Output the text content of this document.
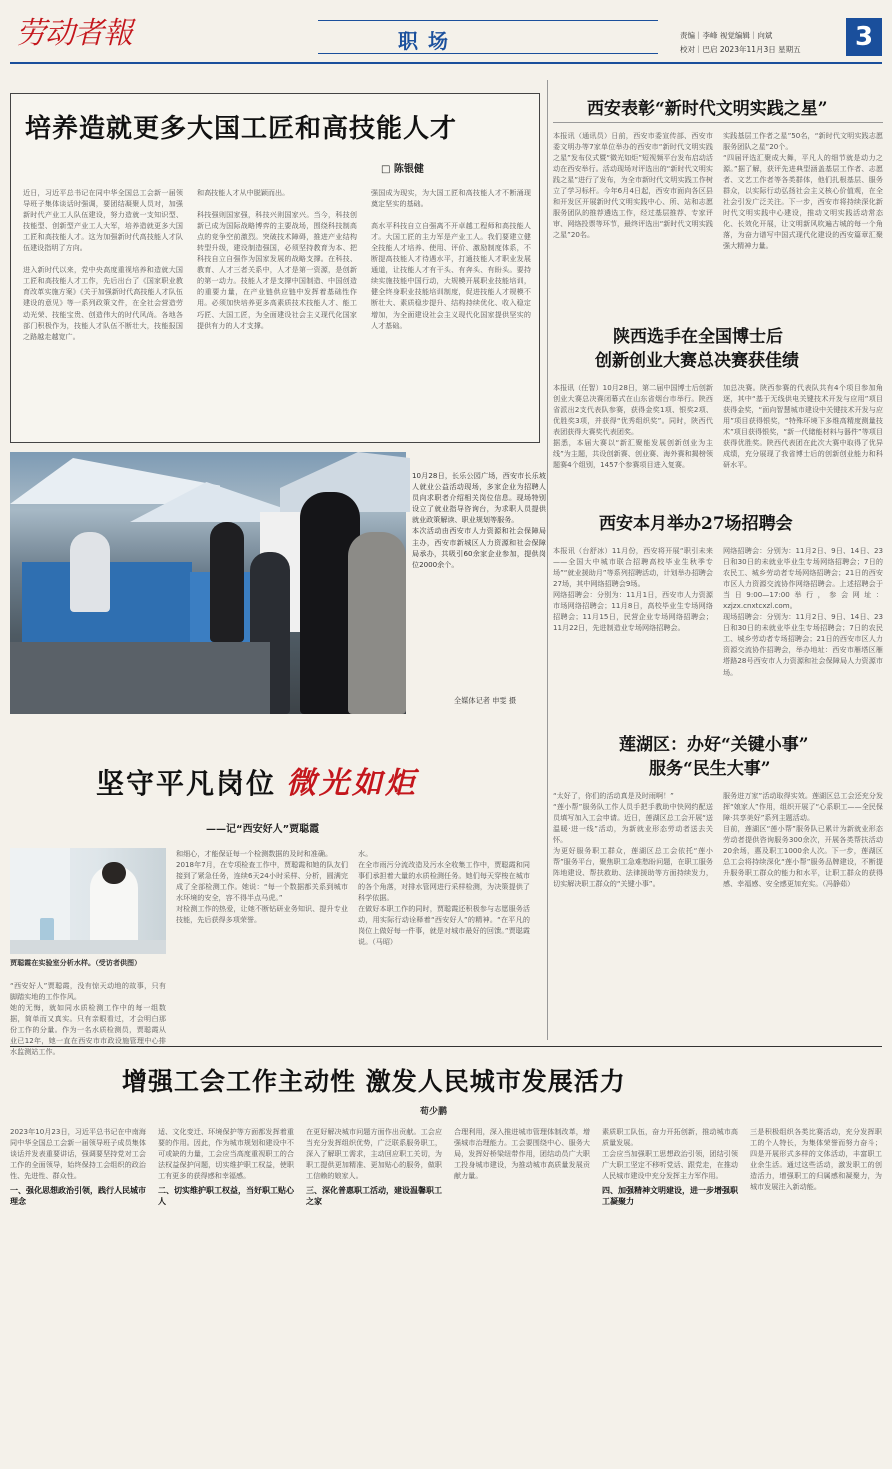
劳动者報	职场	责编｜李峰 视觉编辑｜向斌
校对｜巴启 2023年11月3日 星期五	3
培养造就更多大国工匠和高技能人才
□ 陈银健
近日，习近平总书记在同中华全国总工会新一届领导班子集体谈话时强调，要团结凝聚人员对，加强新时代产业工人队伍建设，努力造就一支知识型、技能型、创新型产业工人大军，培养造就更多大国工匠和高技能人才。这为加强新时代高技能人才队伍建设指明了方向。

进入新时代以来，党中央高度重视培养和造就大国工匠和高技能人才工作，先后出台了《国家职业教育改革实施方案》《关于加强新时代高技能人才队伍建设的意见》等一系列政策文件，在全社会营造劳动光荣、技能宝贵、创造伟大的时代风尚。各地各部门积极作为，技能人才队伍不断壮大，技能报国之路越走越宽广。
和高技能人才从中脱颖而出。

科技强则国家强，科技兴则国家兴。当今，科技创新已成为国际战略博弈的主要战场，围绕科技制高点的竞争空前激烈。突破技术障碍，推进产业结构转型升级，建设制造强国，必须坚持教育为本、把科技自立自强作为国家发展的战略支撑。在科技、教育、人才三者关系中，人才是第一资源，是创新的第一动力。技能人才是支撑中国制造、中国创造的重要力量，在产业链供应链中发挥着基础性作用。必须加快培养更多高素质技术技能人才、能工巧匠、大国工匠，为全面建设社会主义现代化国家提供有力的人才支撑。
强国成为现实，为大国工匠和高技能人才不断涌现奠定坚实的基础。

高水平科技自立自强离不开卓越工程师和高技能人才。大国工匠的主力军是产业工人。我们要建立健全技能人才培养、使用、评价、激励制度体系，不断提高技能人才待遇水平，打通技能人才职业发展通道，让技能人才有干头、有奔头、有盼头。要持续实施技能中国行动，大规模开展职业技能培训，健全终身职业技能培训制度，促进技能人才规模不断壮大、素质稳步提升、结构持续优化、收入稳定增加，为全面建设社会主义现代化国家提供坚实的人才基础。
西安表彰“新时代文明实践之星”
本报讯（通讯员）日前，西安市委宣传部、西安市委文明办等7家单位举办的西安市“新时代文明实践之星”发布仪式暨“微光如炬”短视频平台发布启动活动在西安举行。活动现场对评选出的“新时代文明实践之星”进行了发布，为全市新时代文明实践工作树立了学习标杆。今年6月4日起，西安市面向各区县和开发区开展新时代文明实践中心、所、站和志愿服务团队的推荐遴选工作，经过基层推荐、专家评审、网络投票等环节，最终评选出“新时代文明实践之星”20名。
实践基层工作者之星”50名，“新时代文明实践志愿服务团队之星”20个。
“四届评选汇聚成大舞，平凡人的细节就是动力之源。”据了解，获评先进典型涵盖基层工作者、志愿者、文艺工作者等各类群体，他们扎根基层、服务群众，以实际行动弘扬社会主义核心价值观，在全社会引发广泛关注。下一步，西安市将持续深化新时代文明实践中心建设，推动文明实践活动常态化、长效化开展，让文明新风吹遍古城的每一个角落，为奋力谱写中国式现代化建设的西安篇章汇聚强大精神力量。
陕西选手在全国博士后
创新创业大赛总决赛获佳绩
本报讯（任智）10月28日，第二届中国博士后创新创业大赛总决赛闭幕式在山东省烟台市举行。陕西省派出2支代表队参赛，获得金奖1项、银奖2项、优胜奖3项，并获得“优秀组织奖”。同时，陕西代表团获得大赛奖代表团奖。
据悉，本届大赛以“新汇聚能发展创新创业为主线”为主题，共设创新赛、创业赛、海外赛和揭榜领题赛4个组别，1457个参赛项目进入复赛。
加总决赛。陕西参赛的代表队共有4个项目参加角逐，其中“基于无线供电关键技术开发与应用”项目获得金奖，“面向智慧城市建设中关键技术开发与应用”项目获得银奖，“特殊环境下多维高精度测量技术”项目获得银奖，“新一代储能材料与器件”等项目获得优胜奖。陕西代表团在此次大赛中取得了优异成绩，充分展现了我省博士后的创新创业能力和科研水平。
西安本月举办27场招聘会
本报讯（台舒冰）11月份，西安将开展“职引未来——全国大中城市联合招聘高校毕业生秋季专场”“就业援助月”等系列招聘活动，计划举办招聘会27场，其中网络招聘会9场。
网络招聘会：分别为：11月1日，西安市人力资源市场网络招聘会；11月8日，高校毕业生专场网络招聘会；11月15日，民营企业专场网络招聘会；11月22日，先进制造业专场网络招聘会。
网络招聘会：分别为：11月2日、9日、14日、23日和30日的未就业毕业生专场网络招聘会；7日的农民工、城乡劳动者专场网络招聘会；21日的西安市区人力资源交流协作网络招聘会。上述招聘会于当日9:00—17:00举行，参会网址：xzjzx.cnxtcxzl.com。
现场招聘会：分别为：11月2日、9日、14日、23日和30日的未就业毕业生专场招聘会；7日的农民工、城乡劳动者专场招聘会；21日的西安市区人力资源交流协作招聘会，举办地址：西安市雁塔区雁塔路28号西安市人力资源和社会保障局人力资源市场。
10月28日，长乐公园广场，西安市长乐坡人就业公益活动现场，多家企业为招聘人员向求职者介绍相关岗位信息。现场特别设立了就业指导咨询台，为求职人员提供就业政策解读、职业规划等服务。
本次活动由西安市人力资源和社会保障局主办，西安市新城区人力资源和社会保障局承办，共吸引60余家企业参加，提供岗位2000余个。
全媒体记者 申雯 摄
坚守平凡岗位 微光如炬
——记“西安好人”贾聪霞
贾聪霞在实验室分析水样。（受访者供图）
“西安好人”贾聪霞，没有惊天动地的故事，只有脚踏实地的工作作风。
她的无悔，就如同水质检测工作中的每一组数据，简单而又真实。只有亲眼看过，才会明白那份工作的分量。作为一名水质检测员，贾聪霞从业已12年，她一直在西安市市政设施管理中心排水监测站工作。
和细心，才能保证每一个检测数据的及时和准确。
2018年7月，在专项检查工作中，贾聪霞和她的队友们接到了紧急任务，连续6天24小时采样、分析，圆满完成了全部检测工作。她说：“每一个数据都关系到城市水环境的安全，容不得半点马虎。”
对检测工作的热爱，让她不断钻研业务知识、提升专业技能，先后获得多项荣誉。
水。
在全市雨污分流改造及污水全收集工作中，贾聪霞和同事们承担着大量的水质检测任务。她们每天穿梭在城市的各个角落，对排水管网进行采样检测，为决策提供了科学依据。
在做好本职工作的同时，贾聪霞还积极参与志愿服务活动，用实际行动诠释着“西安好人”的精神。“在平凡的岗位上做好每一件事，就是对城市最好的回馈。”贾聪霞说。（马昭）
莲湖区：办好“关键小事”
服务“民生大事”
“太好了，你们的活动真是及时雨啊！”
“莲小帮”服务队工作人员手把手教助中快网约配送员填写加入工会申请。近日，莲湖区总工会开展“送温暖·进一线”活动，为新就业形态劳动者送去关怀。
为更好服务职工群众，莲湖区总工会依托“莲小帮”服务平台，聚焦职工急难愁盼问题，在职工服务阵地建设、帮扶救助、法律援助等方面持续发力，切实解决职工群众的“关键小事”。
服务进万家”活动取得实效。莲湖区总工会还充分发挥“娘家人”作用，组织开展了“心系职工——全民保障·共享美好”系列主题活动。
目前，莲湖区“莲小帮”服务队已累计为新就业形态劳动者提供咨询服务300余次，开展各类帮扶活动20余场，惠及职工1000余人次。下一步，莲湖区总工会将持续深化“莲小帮”服务品牌建设，不断提升服务职工群众的能力和水平，让职工群众的获得感、幸福感、安全感更加充实。（冯静茹）
增强工会工作主动性 激发人民城市发展活力
荀少鹏
2023年10月23日，习近平总书记在中南海同中华全国总工会新一届领导班子成员集体谈话并发表重要讲话，强调要坚持党对工会工作的全面领导，始终保持工会组织的政治性、先进性、群众性。
一、强化思想政治引领，践行人民城市理念
适、文化变迁、环境保护等方面都发挥着重要的作用。因此，作为城市规划和建设中不可或缺的力量，工会应当高度重视职工的合法权益保护问题，切实维护职工权益，使职工有更多的获得感和幸福感。
二、切实维护职工权益，当好职工贴心人
在更好解决城市问题方面作出贡献。工会应当充分发挥组织优势，广泛联系服务职工，深入了解职工需求，主动回应职工关切，为职工提供更加精准、更加贴心的服务，做职工信赖的娘家人。
三、深化普惠职工活动，建设温馨职工之家
合理利用，深入推进城市管理体制改革，增强城市治理能力。工会要围绕中心、服务大局，发挥好桥梁纽带作用，团结动员广大职工投身城市建设，为推动城市高质量发展贡献力量。
素质职工队伍，奋力开拓创新，推动城市高质量发展。
工会应当加强职工思想政治引领，团结引领广大职工坚定不移听党话、跟党走，在推动人民城市建设中充分发挥主力军作用。
四、加强精神文明建设，进一步增强职工凝聚力
三是积极组织各类比赛活动，充分发挥职工的个人特长，为集体荣誉而努力奋斗；四是开展形式多样的文体活动，丰富职工业余生活。通过这些活动，激发职工的创造活力，增强职工的归属感和凝聚力，为城市发展注入新动能。
